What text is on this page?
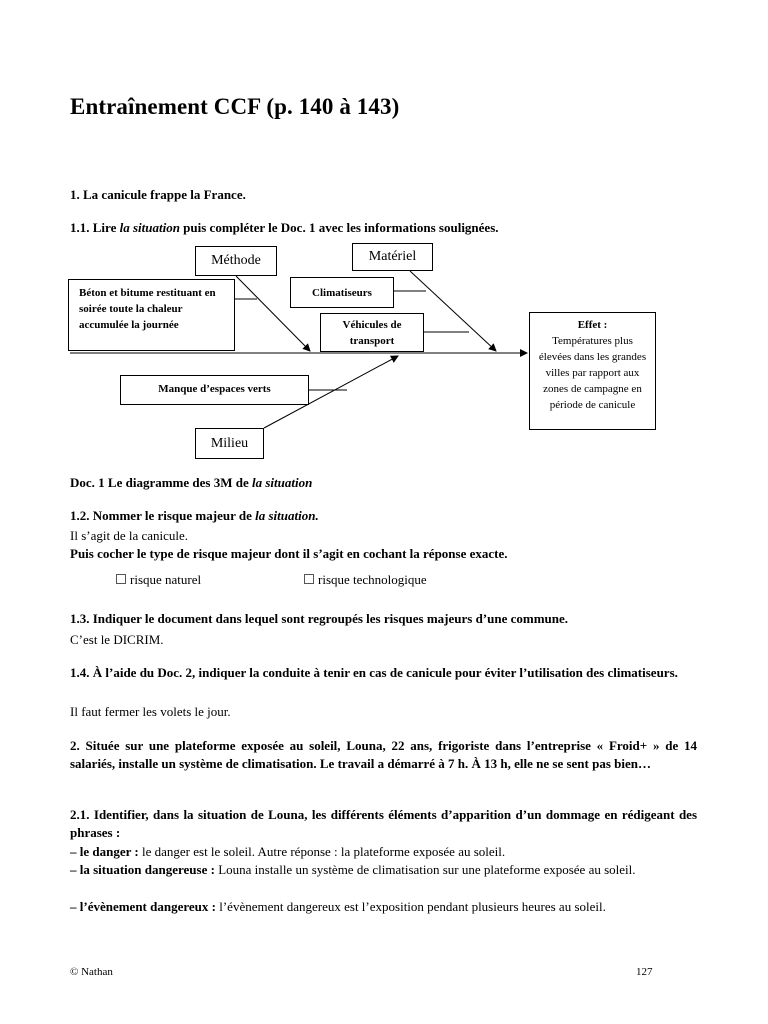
Entraînement CCF (p. 140 à 143)
1. La canicule frappe la France.
1.1. Lire la situation puis compléter le Doc. 1 avec les informations soulignées.
Méthode	Matériel
Béton et bitume restituant en soirée toute la chaleur accumulée la journée
Climatiseurs
Véhicules de transport
Manque d’espaces verts
Milieu
Effet :
Températures plus élevées dans les grandes villes par rapport aux zones de campagne en période de canicule
Doc. 1 Le diagramme des 3M de la situation
1.2. Nommer le risque majeur de la situation.
Il s’agit de la canicule.
Puis cocher le type de risque majeur dont il s’agit en cochant la réponse exacte.
risque naturel	risque technologique
1.3. Indiquer le document dans lequel sont regroupés les risques majeurs d’une commune.
C’est le DICRIM.
1.4. À l’aide du Doc. 2, indiquer la conduite à tenir en cas de canicule pour éviter l’utilisation des climatiseurs.
Il faut fermer les volets le jour.
2. Située sur une plateforme exposée au soleil, Louna, 22 ans, frigoriste dans l’entreprise « Froid+ » de 14 salariés, installe un système de climatisation. Le travail a démarré à 7 h. À 13 h, elle ne se sent pas bien…
2.1. Identifier, dans la situation de Louna, les différents éléments d’apparition d’un dommage en rédigeant des phrases :
– le danger : le danger est le soleil. Autre réponse : la plateforme exposée au soleil.
– la situation dangereuse : Louna installe un système de climatisation sur une plateforme exposée au soleil.
– l’évènement dangereux : l’évènement dangereux est l’exposition pendant plusieurs heures au soleil.
© Nathan	127
